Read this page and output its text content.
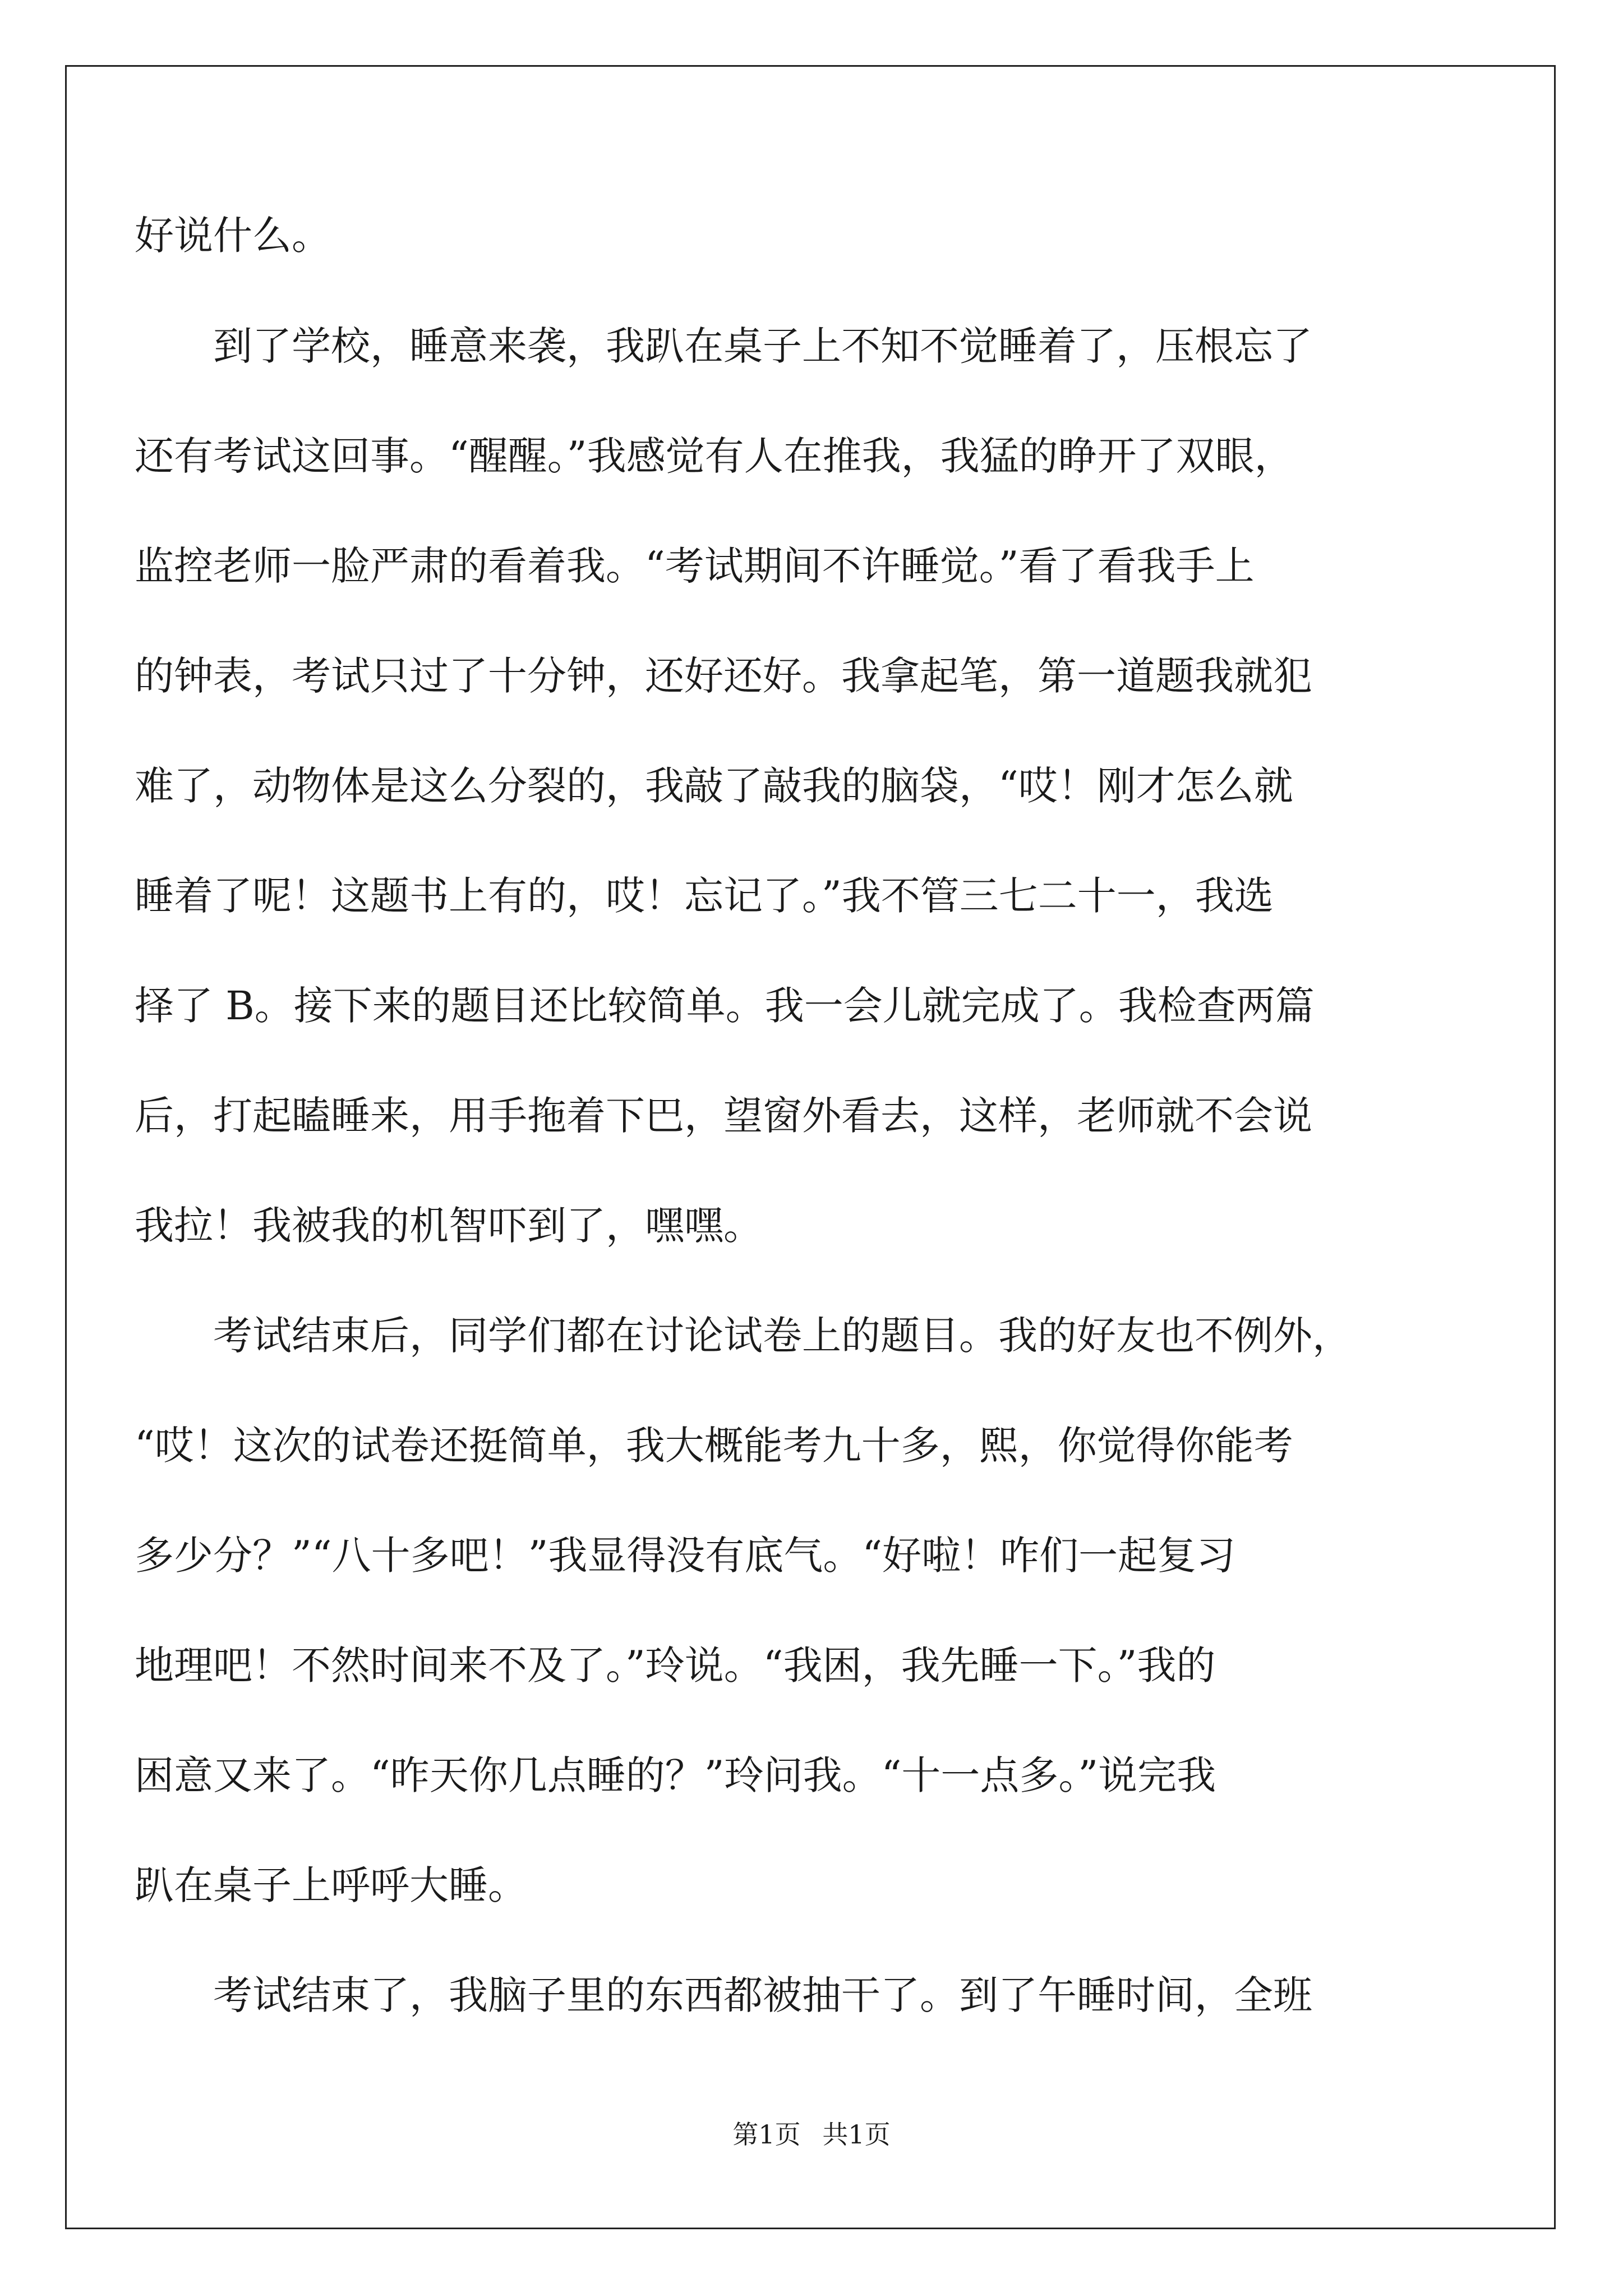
好说什么。
到了学校，睡意来袭，我趴在桌子上不知不觉睡着了，压根忘了
还有考试这回事。“醒醒。”我感觉有人在推我，我猛的睁开了双眼，
监控老师一脸严肃的看着我。“考试期间不许睡觉。”看了看我手上
的钟表，考试只过了十分钟，还好还好。我拿起笔，第一道题我就犯
难了，动物体是这么分裂的，我敲了敲我的脑袋，“哎！刚才怎么就
睡着了呢！这题书上有的，哎！忘记了。”我不管三七二十一，我选
择了 B。接下来的题目还比较简单。我一会儿就完成了。我检查两篇
后，打起瞌睡来，用手拖着下巴，望窗外看去，这样，老师就不会说
我拉！我被我的机智吓到了，嘿嘿。
考试结束后，同学们都在讨论试卷上的题目。我的好友也不例外，
“哎！这次的试卷还挺简单，我大概能考九十多，熙，你觉得你能考
多少分？”“八十多吧！”我显得没有底气。“好啦！咋们一起复习
地理吧！不然时间来不及了。”玲说。“我困，我先睡一下。”我的
困意又来了。“昨天你几点睡的？”玲问我。“十一点多。”说完我
趴在桌子上呼呼大睡。
考试结束了，我脑子里的东西都被抽干了。到了午睡时间，全班
第1页 共1页
